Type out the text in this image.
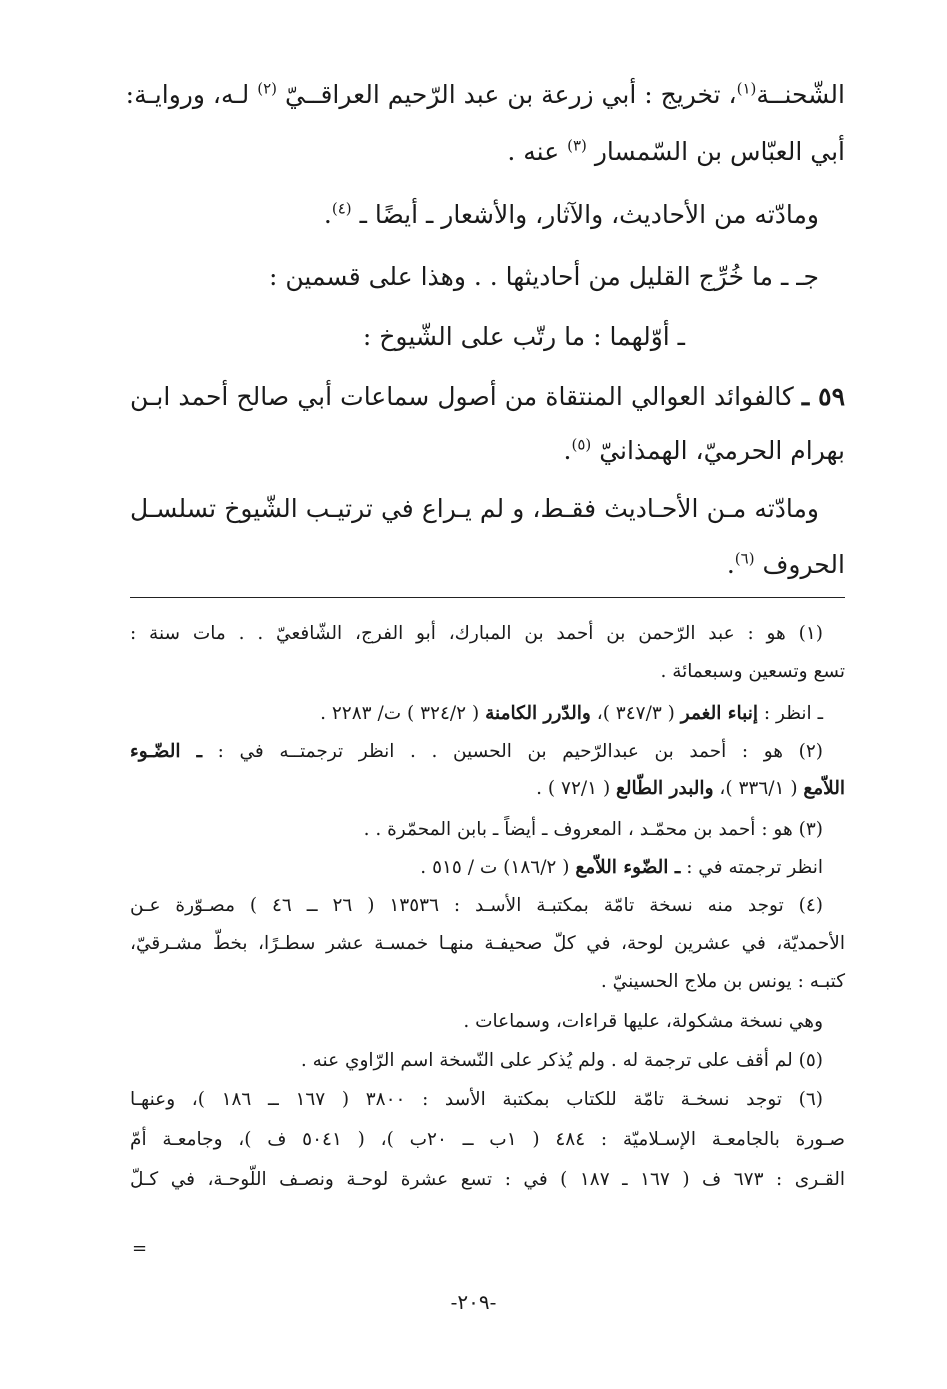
الشّحنــة$^{(١)}$، تخريج : أبي زرعة بن عبد الرّحيم العراقــيّ $^{(٢)}$ لـه، وروايـة:
أبي العبّاس بن السّمسار $^{(٣)}$ عنه .
ومادّته من الأحاديث، والآثار، والأشعار ـ أيضًا ـ $^{(٤)}$.
جـ ـ ما خُرِّج القليل من أحاديثها . . وهذا على قسمين :
ـ أوّلهما : ما رتّب على الشّيوخ :
٥٩ ـ كالفوائد العوالي المنتقاة من أصول سماعات أبي صالح أحمد ابـن
بهرام الحرميّ، الهمذانيّ $^{(٥)}$.
ومادّته مـن الأحـاديث فقـط، و لم يـراع في ترتيـب الشّيوخ تسلسـل
الحروف $^{(٦)}$.
(١) هو : عبد الرّحمن بن أحمد بن المبارك، أبو الفرج، الشّافعيّ . . مات سنة :
تسع وتسعين وسبعمائة .
ـ انظر : إنباء الغمر ( ٣٤٧/٣ )، والدّرر الكامنة ( ٣٢٤/٢ ) ت/ ٢٢٨٣ .
(٢) هو : أحمد بن عبدالرّحيم بن الحسين . . انظر ترجمتــه في : ـ الضّـوء
اللاّمع ( ٣٣٦/١ )، والبدر الطّالع ( ٧٢/١ ) .
(٣) هو : أحمد بن محمّـد ، المعروف ـ أيضاً ـ بابن المحمّرة . .
انظر ترجمته في : ـ الضّوء اللاّمع ( ١٨٦/٢) ت / ٥١٥ .
(٤) توجد منه نسخة تامّة بمكتبـة الأسـد : ١٣٥٣٦ ( ٢٦ ــ ٤٦ ) مصـوّرة عـن
الأحمديّة، في عشرين لوحة، في كلّ صحيفـة منهـا خمسـة عشر سطـرًا، بخطّ مشـرقيّ،
كتبـه : يونس بن ملاج الحسينيّ .
وهي نسخة مشكولة، عليها قراءات، وسماعات .
(٥) لم أقف على ترجمة له . ولم يُذكر على النّسخة اسم الرّاوي عنه .
(٦) توجد نسخـة تامّة للكتاب بمكتبة الأسد : ٣٨٠٠ ( ١٦٧ ــ ١٨٦ )، وعنهـا
صـورة بالجامعـة الإسـلاميّة : ٤٨٤ ( ١ب ــ ٢٠ب )، ( ٥٠٤١ ف )، وجامعـة أمّ
القـرى : ٦٧٣ ف ( ١٦٧ ـ ١٨٧ ) في : تسع عشرة لوحـة ونصـف اللّوحـة، في كـلّ
=
-٢٠٩-
